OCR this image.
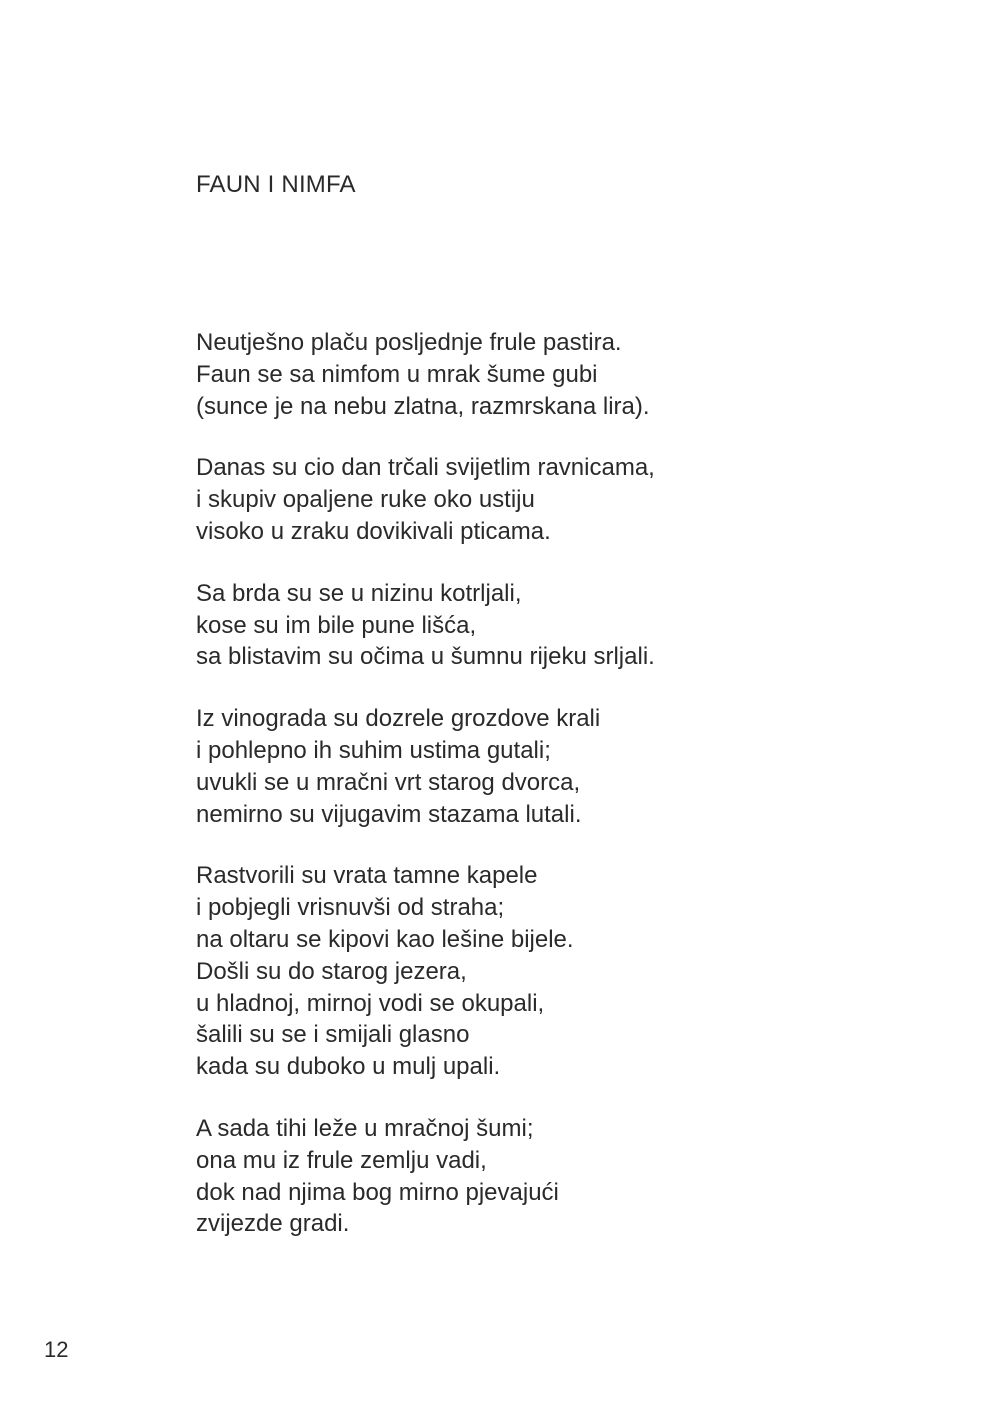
FAUN I NIMFA
Neutješno plaču posljednje frule pastira.
Faun se sa nimfom u mrak šume gubi
(sunce je na nebu zlatna, razmrskana lira).
Danas su cio dan trčali svijetlim ravnicama,
i skupiv opaljene ruke oko ustiju
visoko u zraku dovikivali pticama.
Sa brda su se u nizinu kotrljali,
kose su im bile pune lišća,
sa blistavim su očima u šumnu rijeku srljali.
Iz vinograda su dozrele grozdove krali
i pohlepno ih suhim ustima gutali;
uvukli se u mračni vrt starog dvorca,
nemirno su vijugavim stazama lutali.
Rastvorili su vrata tamne kapele
i pobjegli vrisnuvši od straha;
na oltaru se kipovi kao lešine bijele.
Došli su do starog jezera,
u hladnoj, mirnoj vodi se okupali,
šalili su se i smijali glasno
kada su duboko u mulj upali.
A sada tihi leže u mračnoj šumi;
ona mu iz frule zemlju vadi,
dok nad njima bog mirno pjevajući
zvijezde gradi.
12
